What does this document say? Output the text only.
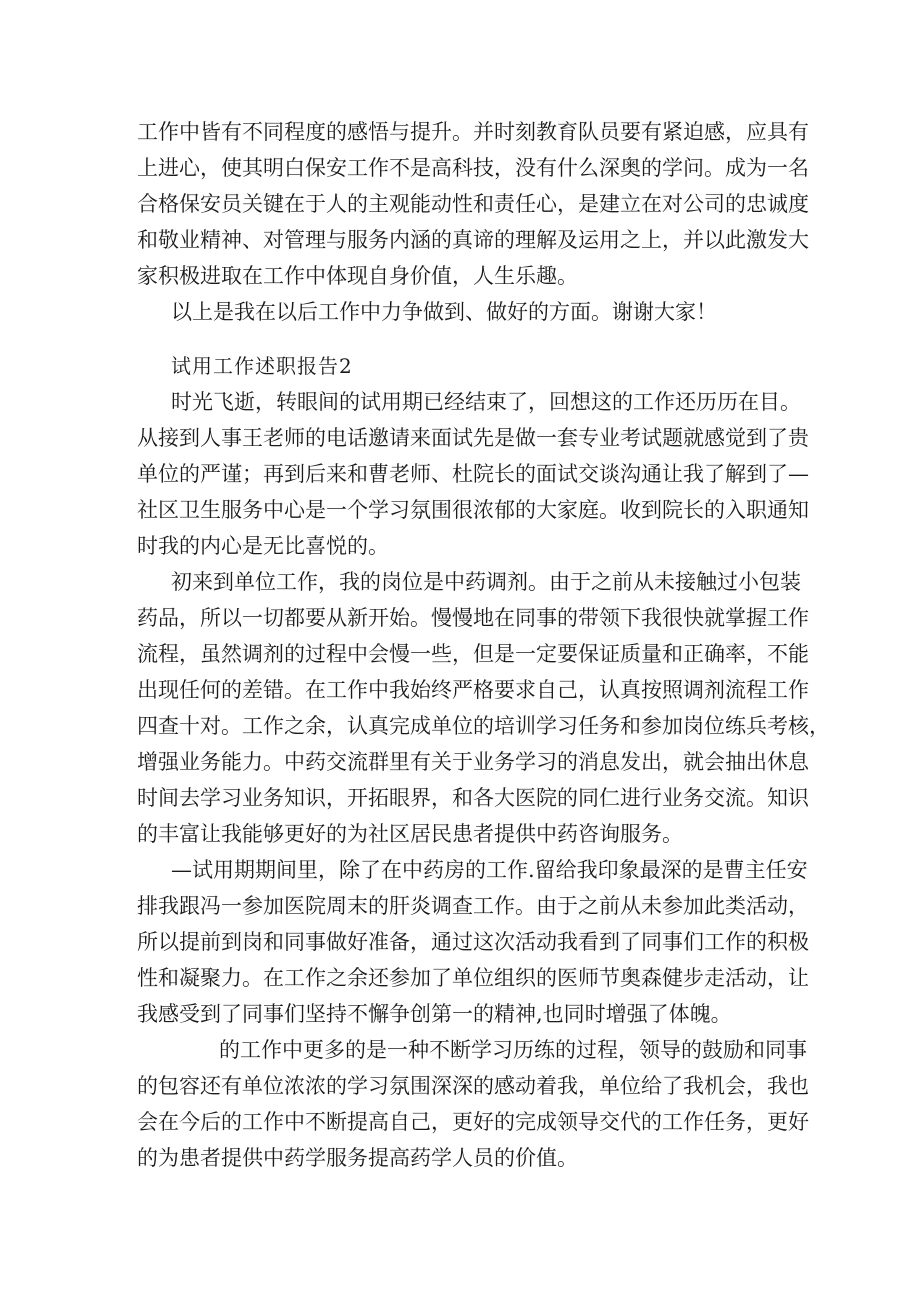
工作中皆有不同程度的感悟与提升。并时刻教育队员要有紧迫感，应具有
上进心，使其明白保安工作不是高科技，没有什么深奥的学问。成为一名
合格保安员关键在于人的主观能动性和责任心，是建立在对公司的忠诚度
和敬业精神、对管理与服务内涵的真谛的理解及运用之上，并以此激发大
家积极进取在工作中体现自身价值，人生乐趣。
以上是我在以后工作中力争做到、做好的方面。谢谢大家！
试用工作述职报告2
时光飞逝，转眼间的试用期已经结束了，回想这的工作还历历在目。
从接到人事王老师的电话邀请来面试先是做一套专业考试题就感觉到了贵
单位的严谨；再到后来和曹老师、杜院长的面试交谈沟通让我了解到了—
社区卫生服务中心是一个学习氛围很浓郁的大家庭。收到院长的入职通知
时我的内心是无比喜悦的。
初来到单位工作，我的岗位是中药调剂。由于之前从未接触过小包装
药品，所以一切都要从新开始。慢慢地在同事的带领下我很快就掌握工作
流程，虽然调剂的过程中会慢一些，但是一定要保证质量和正确率，不能
出现任何的差错。在工作中我始终严格要求自己，认真按照调剂流程工作
四查十对。工作之余，认真完成单位的培训学习任务和参加岗位练兵考核，
增强业务能力。中药交流群里有关于业务学习的消息发出，就会抽出休息
时间去学习业务知识，开拓眼界，和各大医院的同仁进行业务交流。知识
的丰富让我能够更好的为社区居民患者提供中药咨询服务。
—试用期期间里，除了在中药房的工作.留给我印象最深的是曹主任安
排我跟冯一参加医院周末的肝炎调查工作。由于之前从未参加此类活动，
所以提前到岗和同事做好准备，通过这次活动我看到了同事们工作的积极
性和凝聚力。在工作之余还参加了单位组织的医师节奥森健步走活动，让
我感受到了同事们坚持不懈争创第一的精神,也同时增强了体魄。
的工作中更多的是一种不断学习历练的过程，领导的鼓励和同事
的包容还有单位浓浓的学习氛围深深的感动着我，单位给了我机会，我也
会在今后的工作中不断提高自己，更好的完成领导交代的工作任务，更好
的为患者提供中药学服务提高药学人员的价值。
